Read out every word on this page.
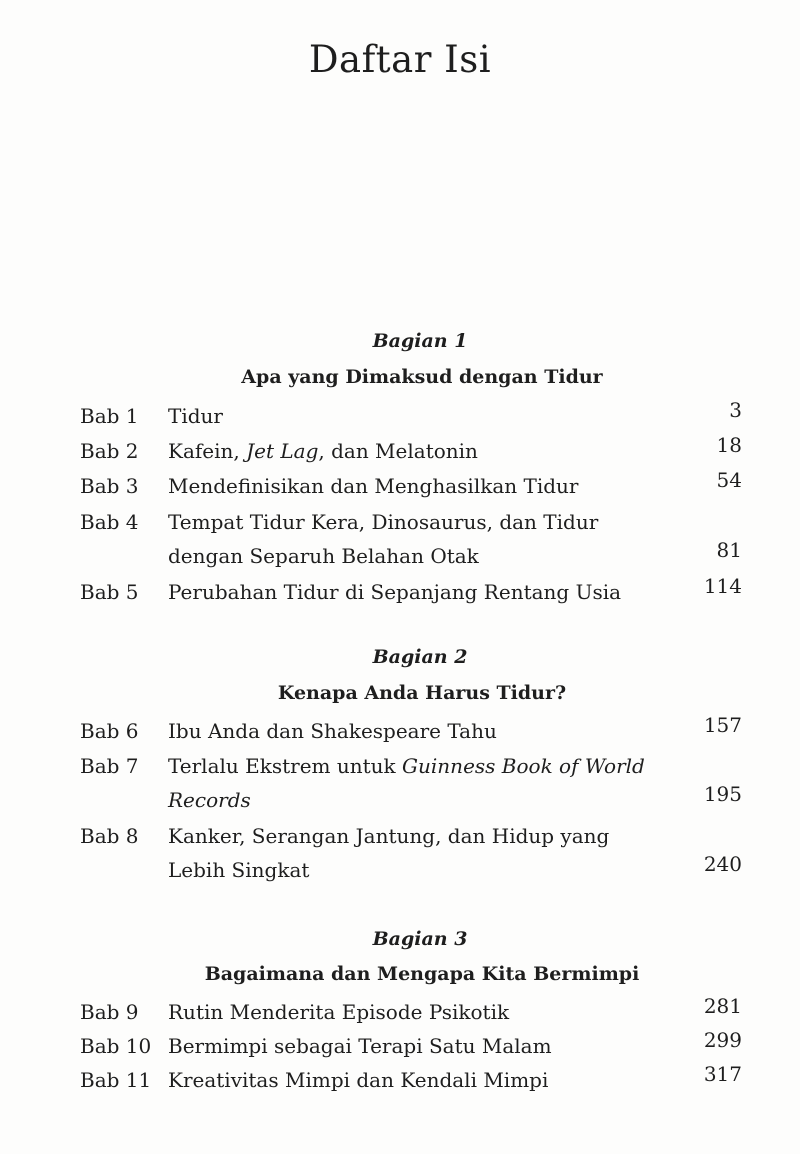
Daftar Isi
Bagian 1
Apa yang Dimaksud dengan Tidur
Bab 1 Tidur	3
Bab 2 Kafein, Jet Lag, dan Melatonin	18
Bab 3 Mendefinisikan dan Menghasilkan Tidur	54
Bab 4 Tempat Tidur Kera, Dinosaurus, dan Tidur
dengan Separuh Belahan Otak	81
Bab 5 Perubahan Tidur di Sepanjang Rentang Usia	114
Bagian 2
Kenapa Anda Harus Tidur?
Bab 6 Ibu Anda dan Shakespeare Tahu	157
Bab 7 Terlalu Ekstrem untuk Guinness Book of World
Records	195
Bab 8 Kanker, Serangan Jantung, dan Hidup yang
Lebih Singkat	240
Bagian 3
Bagaimana dan Mengapa Kita Bermimpi
Bab 9 Rutin Menderita Episode Psikotik	281
Bab 10 Bermimpi sebagai Terapi Satu Malam	299
Bab 11 Kreativitas Mimpi dan Kendali Mimpi	317
